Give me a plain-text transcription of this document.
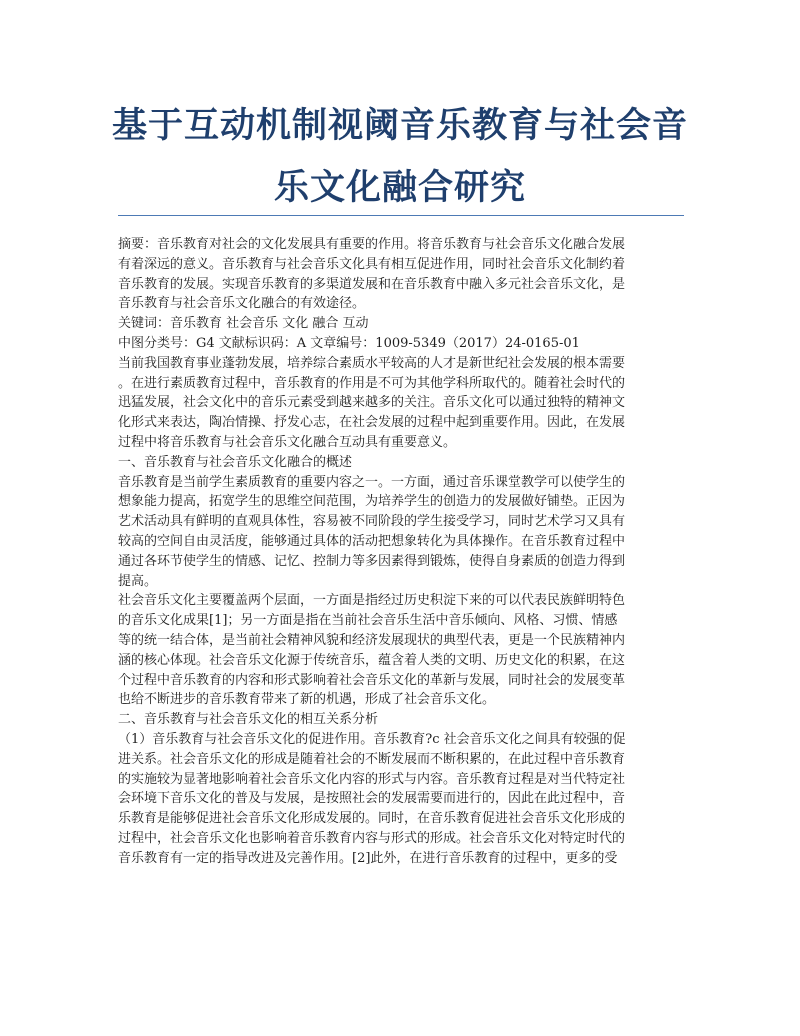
基于互动机制视阈音乐教育与社会音
乐文化融合研究

摘要：音乐教育对社会的文化发展具有重要的作用。将音乐教育与社会音乐文化融合发展

有着深远的意义。音乐教育与社会音乐文化具有相互促进作用，同时社会音乐文化制约着

音乐教育的发展。实现音乐教育的多渠道发展和在音乐教育中融入多元社会音乐文化，是

音乐教育与社会音乐文化融合的有效途径。

关键词：音乐教育 社会音乐 文化 融合 互动

中图分类号：G4 文献标识码：A 文章编号：1009-5349（2017）24-0165-01

当前我国教育事业蓬勃发展，培养综合素质水平较高的人才是新世纪社会发展的根本需要

。在进行素质教育过程中，音乐教育的作用是不可为其他学科所取代的。随着社会时代的

迅猛发展，社会文化中的音乐元素受到越来越多的关注。音乐文化可以通过独特的精神文

化形式来表达，陶冶情操、抒发心志，在社会发展的过程中起到重要作用。因此，在发展

过程中将音乐教育与社会音乐文化融合互动具有重要意义。

一、音乐教育与社会音乐文化融合的概述

音乐教育是当前学生素质教育的重要内容之一。一方面，通过音乐课堂教学可以使学生的

想象能力提高，拓宽学生的思维空间范围，为培养学生的创造力的发展做好铺垫。正因为

艺术活动具有鲜明的直观具体性，容易被不同阶段的学生接受学习，同时艺术学习又具有

较高的空间自由灵活度，能够通过具体的活动把想象转化为具体操作。在音乐教育过程中

通过各环节使学生的情感、记忆、控制力等多因素得到锻炼，使得自身素质的创造力得到

提高。

社会音乐文化主要覆盖两个层面，一方面是指经过历史积淀下来的可以代表民族鲜明特色

的音乐文化成果[1]；另一方面是指在当前社会音乐生活中音乐倾向、风格、习惯、情感

等的统一结合体，是当前社会精神风貌和经济发展现状的典型代表，更是一个民族精神内

涵的核心体现。社会音乐文化源于传统音乐，蕴含着人类的文明、历史文化的积累，在这

个过程中音乐教育的内容和形式影响着社会音乐文化的革新与发展，同时社会的发展变革

也给不断进步的音乐教育带来了新的机遇，形成了社会音乐文化。

二、音乐教育与社会音乐文化的相互关系分析

（1）音乐教育与社会音乐文化的促进作用。音乐教育?c 社会音乐文化之间具有较强的促

进关系。社会音乐文化的形成是随着社会的不断发展而不断积累的，在此过程中音乐教育

的实施较为显著地影响着社会音乐文化内容的形式与内容。音乐教育过程是对当代特定社

会环境下音乐文化的普及与发展，是按照社会的发展需要而进行的，因此在此过程中，音

乐教育是能够促进社会音乐文化形成发展的。同时，在音乐教育促进社会音乐文化形成的

过程中，社会音乐文化也影响着音乐教育内容与形式的形成。社会音乐文化对特定时代的

音乐教育有一定的指导改进及完善作用。[2]此外，在进行音乐教育的过程中，更多的受
